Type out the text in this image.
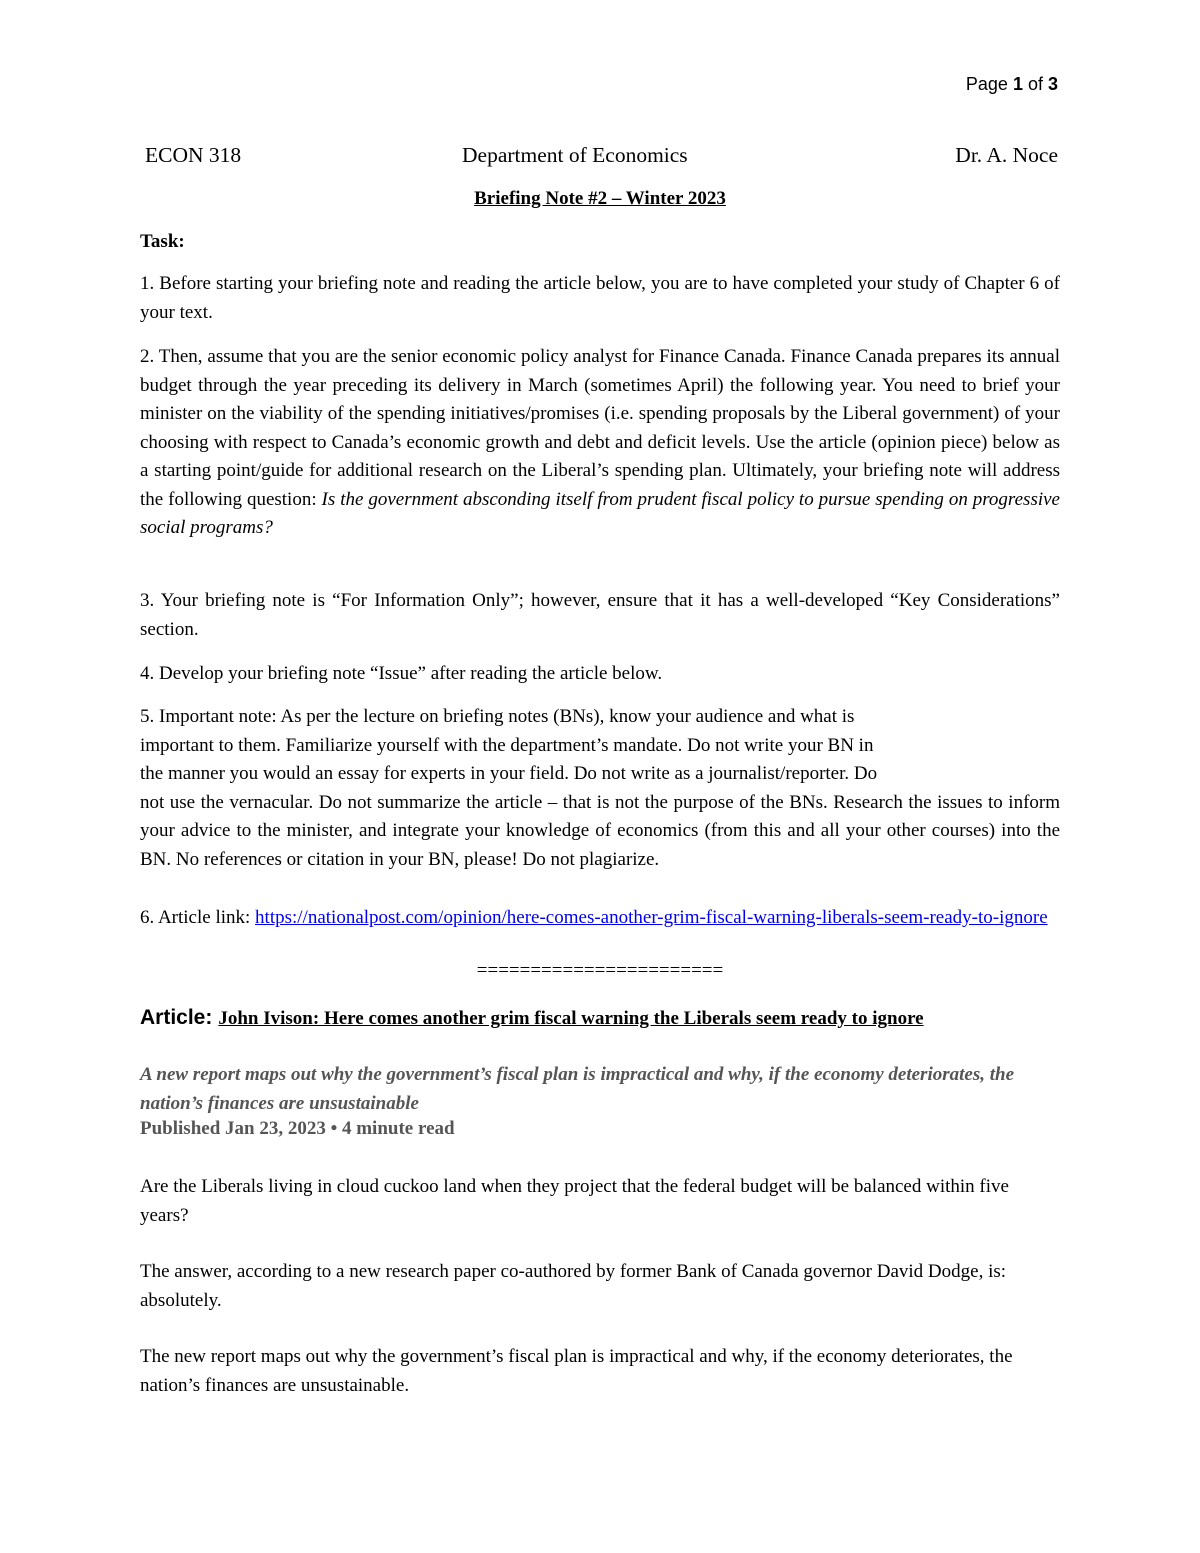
Page 1 of 3
ECON 318	Department of Economics	Dr. A. Noce
Briefing Note #2 – Winter 2023
Task:
1. Before starting your briefing note and reading the article below, you are to have completed your study of Chapter 6 of your text.
2. Then, assume that you are the senior economic policy analyst for Finance Canada. Finance Canada prepares its annual budget through the year preceding its delivery in March (sometimes April) the following year. You need to brief your minister on the viability of the spending initiatives/promises (i.e. spending proposals by the Liberal government) of your choosing with respect to Canada’s economic growth and debt and deficit levels. Use the article (opinion piece) below as a starting point/guide for additional research on the Liberal’s spending plan. Ultimately, your briefing note will address the following question: Is the government absconding itself from prudent fiscal policy to pursue spending on progressive social programs?
3. Your briefing note is “For Information Only”; however, ensure that it has a well-developed “Key Considerations” section.
4. Develop your briefing note “Issue” after reading the article below.
5. Important note: As per the lecture on briefing notes (BNs), know your audience and what is
important to them. Familiarize yourself with the department’s mandate. Do not write your BN in
the manner you would an essay for experts in your field. Do not write as a journalist/reporter. Do
not use the vernacular. Do not summarize the article – that is not the purpose of the BNs. Research the issues to inform your advice to the minister, and integrate your knowledge of economics (from this and all your other courses) into the BN. No references or citation in your BN, please! Do not plagiarize.
6. Article link: https://nationalpost.com/opinion/here-comes-another-grim-fiscal-warning-liberals-seem-ready-to-ignore
=======================
Article: John Ivison: Here comes another grim fiscal warning the Liberals seem ready to ignore
A new report maps out why the government’s fiscal plan is impractical and why, if the economy deteriorates, the nation’s finances are unsustainable
Published Jan 23, 2023 • 4 minute read
Are the Liberals living in cloud cuckoo land when they project that the federal budget will be balanced within five years?
The answer, according to a new research paper co-authored by former Bank of Canada governor David Dodge, is: absolutely.
The new report maps out why the government’s fiscal plan is impractical and why, if the economy deteriorates, the nation’s finances are unsustainable.
